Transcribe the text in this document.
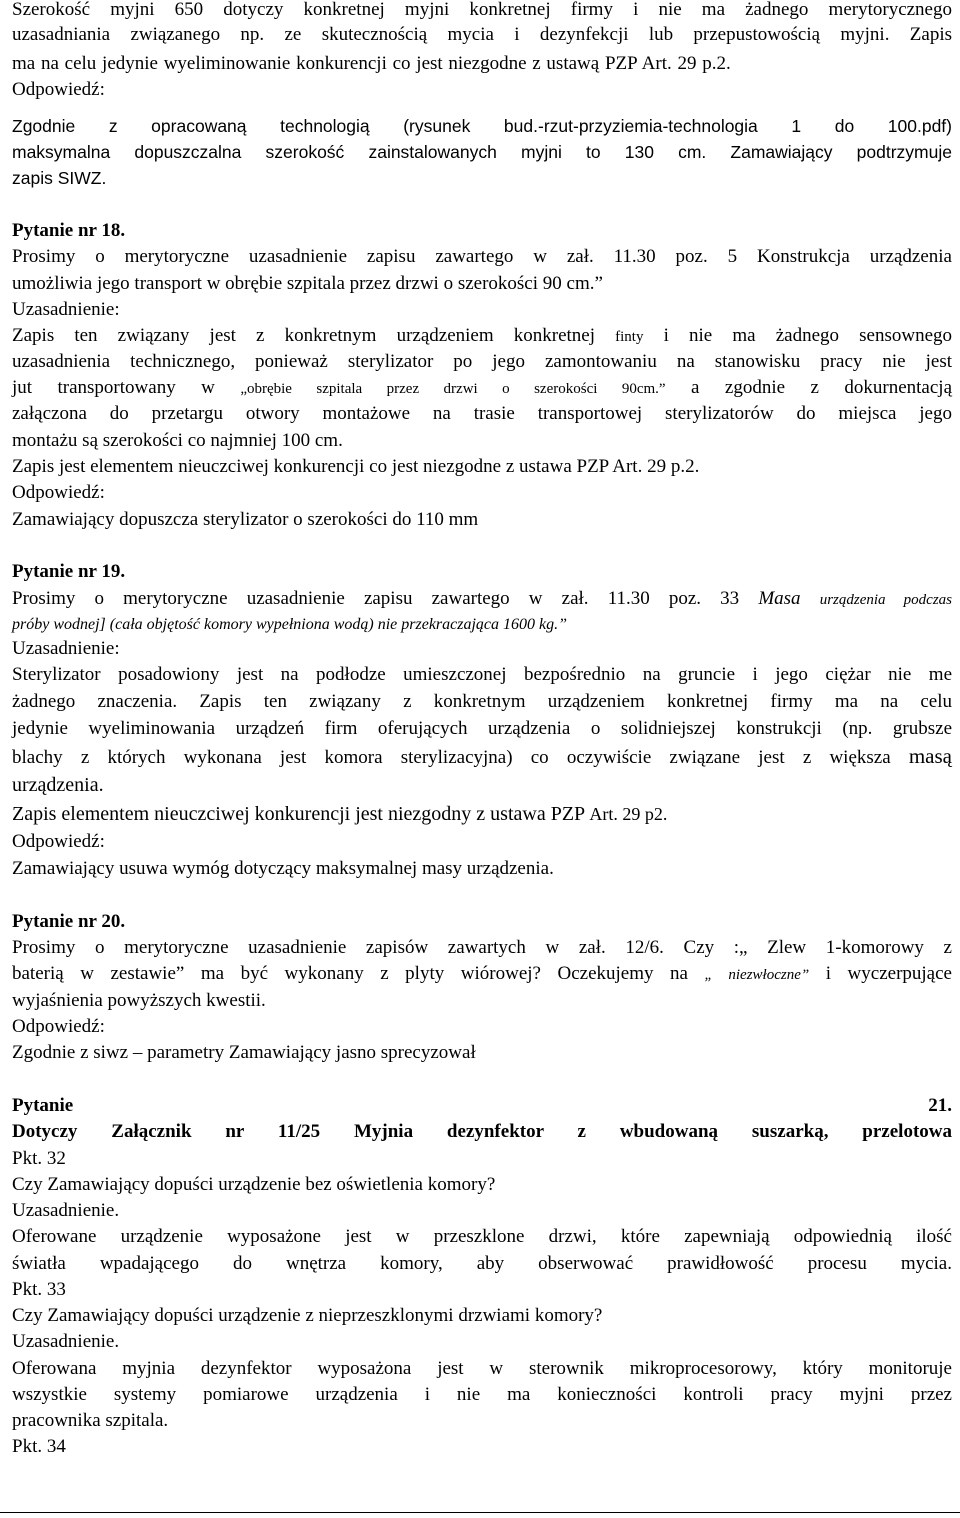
Szerokość myjni 650 dotyczy konkretnej myjni konkretnej firmy i nie ma żadnego merytorycznego
uzasadniania związanego np. ze skutecznością mycia i dezynfekcji lub przepustowością myjni. Zapis
ma na celu jedynie wyeliminowanie konkurencji co jest niezgodne z ustawą PZP Art. 29 p.2.
Odpowiedź:
Zgodnie z opracowaną technologią (rysunek bud.-rzut-przyziemia-technologia 1 do 100.pdf)
maksymalna dopuszczalna szerokość zainstalowanych myjni to 130 cm. Zamawiający podtrzymuje
zapis SIWZ.
Pytanie nr 18.
Prosimy o merytoryczne uzasadnienie zapisu zawartego w zał. 11.30 poz. 5 Konstrukcja urządzenia
umożliwia jego transport w obrębie szpitala przez drzwi o szerokości 90 cm.”
Uzasadnienie:
Zapis ten związany jest z konkretnym urządzeniem konkretnej finty i nie ma żadnego sensownego
uzasadnienia technicznego, ponieważ sterylizator po jego zamontowaniu na stanowisku pracy nie jest
jut transportowany w „obrębie szpitala przez drzwi o szerokości 90cm.” a zgodnie z dokurnentacją
załączona do przetargu otwory montażowe na trasie transportowej sterylizatorów do miejsca jego
montażu są szerokości co najmniej 100 cm.
Zapis jest elementem nieuczciwej konkurencji co jest niezgodne z ustawa PZP Art. 29 p.2.
Odpowiedź:
Zamawiający dopuszcza sterylizator o szerokości do 110 mm
Pytanie nr 19.
Prosimy o merytoryczne uzasadnienie zapisu zawartego w zał. 11.30 poz. 33 Masa urządzenia podczas
próby wodnej] (cała objętość komory wypełniona wodą) nie przekraczająca 1600 kg.”
Uzasadnienie:
Sterylizator posadowiony jest na podłodze umieszczonej bezpośrednio na gruncie i jego ciężar nie me
żadnego znaczenia. Zapis ten związany z konkretnym urządzeniem konkretnej firmy ma na celu
jedynie wyeliminowania urządzeń firm oferujących urządzenia o solidniejszej konstrukcji (np. grubsze
blachy z których wykonana jest komora sterylizacyjna) co oczywiście związane jest z większa masą
urządzenia.
Zapis elementem nieuczciwej konkurencji jest niezgodny z ustawa PZP Art. 29 p2.
Odpowiedź:
Zamawiający usuwa wymóg dotyczący maksymalnej masy urządzenia.
Pytanie nr 20.
Prosimy o merytoryczne uzasadnienie zapisów zawartych w zał. 12/6. Czy :„ Zlew 1-komorowy z
baterią w zestawie” ma być wykonany z plyty wiórowej? Oczekujemy na „ niezwłoczne” i wyczerpujące
wyjaśnienia powyższych kwestii.
Odpowiedź:
Zgodnie z siwz – parametry Zamawiający jasno sprecyzował
Pytanie	21.
Dotyczy Załącznik nr 11/25 Myjnia dezynfektor z wbudowaną suszarką, przelotowa
Pkt. 32
Czy Zamawiający dopuści urządzenie bez oświetlenia komory?
Uzasadnienie.
Oferowane urządzenie wyposażone jest w przeszklone drzwi, które zapewniają odpowiednią ilość
światła wpadającego do wnętrza komory, aby obserwować prawidłowość procesu mycia.
Pkt. 33
Czy Zamawiający dopuści urządzenie z nieprzeszklonymi drzwiami komory?
Uzasadnienie.
Oferowana myjnia dezynfektor wyposażona jest w sterownik mikroprocesorowy, który monitoruje
wszystkie systemy pomiarowe urządzenia i nie ma konieczności kontroli pracy myjni przez
pracownika szpitala.
Pkt. 34
